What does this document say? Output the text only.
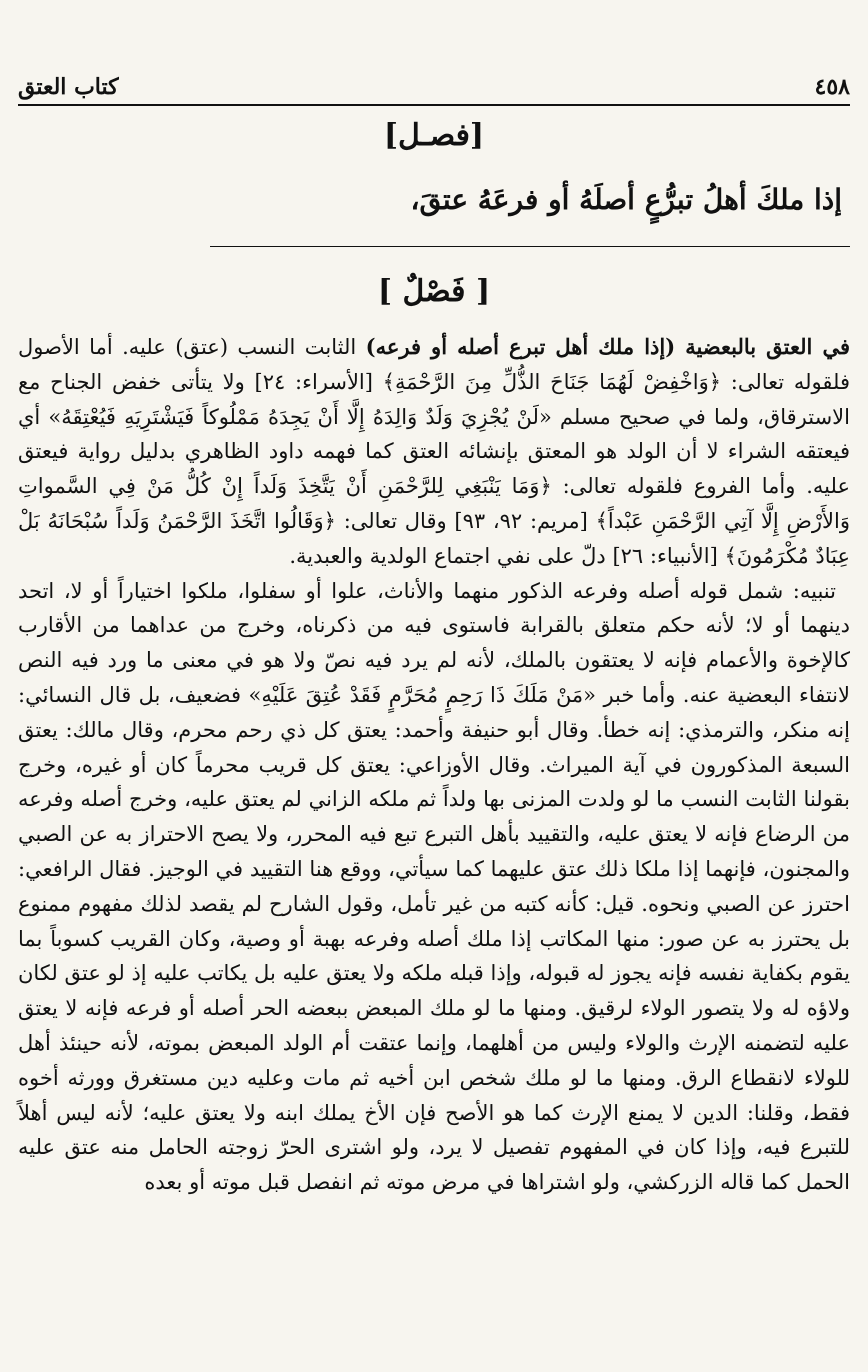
٤٥٨
كتاب العتق
[فصـل]
إذا ملكَ أهلُ تبرُّعٍ أصلَهُ أو فرعَهُ عتقَ،
[ فَصْلٌ ]

في العتق بالبعضية (إذا ملك أهل تبرع أصله أو فرعه) الثابت النسب (عتق) عليه. أما الأصول فلقوله تعالى: ﴿وَاخْفِضْ لَهُمَا جَنَاحَ الذُّلِّ مِنَ الرَّحْمَةِ﴾ [الأسراء: ٢٤] ولا يتأتى خفض الجناح مع الاسترقاق، ولما في صحيح مسلم «لَنْ يُجْزِيَ وَلَدٌ وَالِدَهُ إِلَّا أَنْ يَجِدَهُ مَمْلُوكاً فَيَشْتَرِيَهِ فَيُعْتِقَهُ» أي فيعتقه الشراء لا أن الولد هو المعتق بإنشائه العتق كما فهمه داود الظاهري بدليل رواية فيعتق عليه. وأما الفروع فلقوله تعالى: ﴿وَمَا يَنْبَغِي لِلرَّحْمَنِ أَنْ يَتَّخِذَ وَلَداً إِنْ كُلُّ مَنْ فِي السَّمواتِ وَالأَرْضِ إِلَّا آتِي الرَّحْمَنِ عَبْداً﴾ [مريم: ٩٢، ٩٣] وقال تعالى: ﴿وَقَالُوا اتَّخَذَ الرَّحْمَنُ وَلَداً سُبْحَانَهُ بَلْ عِبَادٌ مُكْرَمُونَ﴾ [الأنبياء: ٢٦] دلّ على نفي اجتماع الولدية والعبدية.

تنبيه: شمل قوله أصله وفرعه الذكور منهما والأناث، علوا أو سفلوا، ملكوا اختياراً أو لا، اتحد دينهما أو لا؛ لأنه حكم متعلق بالقرابة فاستوى فيه من ذكرناه، وخرج من عداهما من الأقارب كالإخوة والأعمام فإنه لا يعتقون بالملك، لأنه لم يرد فيه نصّ ولا هو في معنى ما ورد فيه النص لانتفاء البعضية عنه. وأما خبر «مَنْ مَلَكَ ذَا رَحِمٍ مُحَرَّمٍ فَقَدْ عُتِقَ عَلَيْهِ» فضعيف، بل قال النسائي: إنه منكر، والترمذي: إنه خطأ. وقال أبو حنيفة وأحمد: يعتق كل ذي رحم محرم، وقال مالك: يعتق السبعة المذكورون في آية الميراث. وقال الأوزاعي: يعتق كل قريب محرماً كان أو غيره، وخرج بقولنا الثابت النسب ما لو ولدت المزنى بها ولداً ثم ملكه الزاني لم يعتق عليه، وخرج أصله وفرعه من الرضاع فإنه لا يعتق عليه، والتقييد بأهل التبرع تبع فيه المحرر، ولا يصح الاحتراز به عن الصبي والمجنون، فإنهما إذا ملكا ذلك عتق عليهما كما سيأتي، ووقع هنا التقييد في الوجيز. فقال الرافعي: احترز عن الصبي ونحوه. قيل: كأنه كتبه من غير تأمل، وقول الشارح لم يقصد لذلك مفهوم ممنوع بل يحترز به عن صور: منها المكاتب إذا ملك أصله وفرعه بهبة أو وصية، وكان القريب كسوباً بما يقوم بكفاية نفسه فإنه يجوز له قبوله، وإذا قبله ملكه ولا يعتق عليه بل يكاتب عليه إذ لو عتق لكان ولاؤه له ولا يتصور الولاء لرقيق. ومنها ما لو ملك المبعض ببعضه الحر أصله أو فرعه فإنه لا يعتق عليه لتضمنه الإرث والولاء وليس من أهلهما، وإنما عتقت أم الولد المبعض بموته، لأنه حينئذ أهل للولاء لانقطاع الرق. ومنها ما لو ملك شخص ابن أخيه ثم مات وعليه دين مستغرق وورثه أخوه فقط، وقلنا: الدين لا يمنع الإرث كما هو الأصح فإن الأخ يملك ابنه ولا يعتق عليه؛ لأنه ليس أهلاً للتبرع فيه، وإذا كان في المفهوم تفصيل لا يرد، ولو اشترى الحرّ زوجته الحامل منه عتق عليه الحمل كما قاله الزركشي، ولو اشتراها في مرض موته ثم انفصل قبل موته أو بعده
